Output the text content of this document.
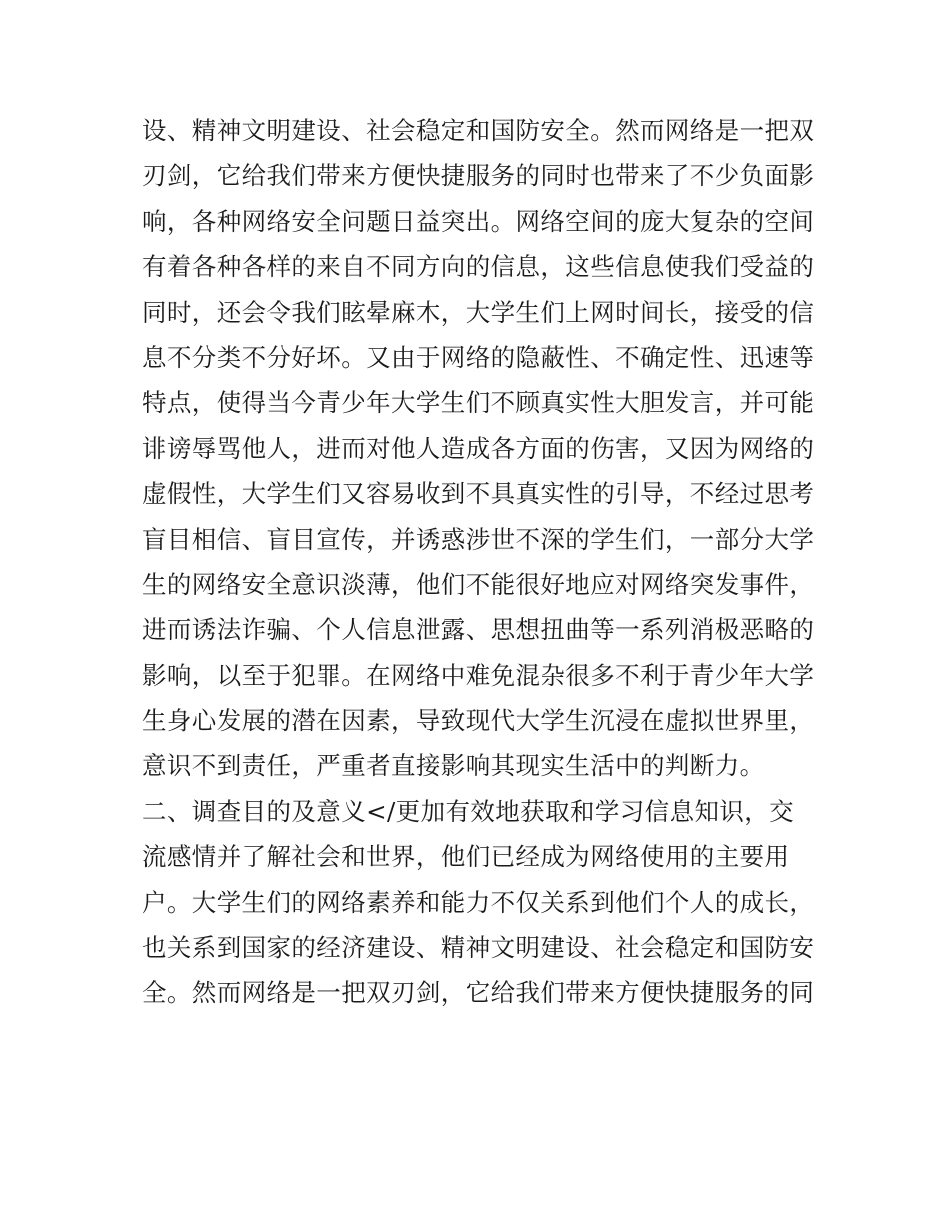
设、精神文明建设、社会稳定和国防安全。然而网络是一把双
刃剑，它给我们带来方便快捷服务的同时也带来了不少负面影
响，各种网络安全问题日益突出。网络空间的庞大复杂的空间
有着各种各样的来自不同方向的信息，这些信息使我们受益的
同时，还会令我们眩晕麻木，大学生们上网时间长，接受的信
息不分类不分好坏。又由于网络的隐蔽性、不确定性、迅速等
特点，使得当今青少年大学生们不顾真实性大胆发言，并可能
诽谤辱骂他人，进而对他人造成各方面的伤害，又因为网络的
虚假性，大学生们又容易收到不具真实性的引导，不经过思考
盲目相信、盲目宣传，并诱惑涉世不深的学生们，一部分大学
生的网络安全意识淡薄，他们不能很好地应对网络突发事件，
进而诱法诈骗、个人信息泄露、思想扭曲等一系列消极恶略的
影响，以至于犯罪。在网络中难免混杂很多不利于青少年大学
生身心发展的潜在因素，导致现代大学生沉浸在虚拟世界里，
意识不到责任，严重者直接影响其现实生活中的判断力。
二、调查目的及意义</更加有效地获取和学习信息知识，交
流感情并了解社会和世界，他们已经成为网络使用的主要用
户。大学生们的网络素养和能力不仅关系到他们个人的成长，
也关系到国家的经济建设、精神文明建设、社会稳定和国防安
全。然而网络是一把双刃剑，它给我们带来方便快捷服务的同
